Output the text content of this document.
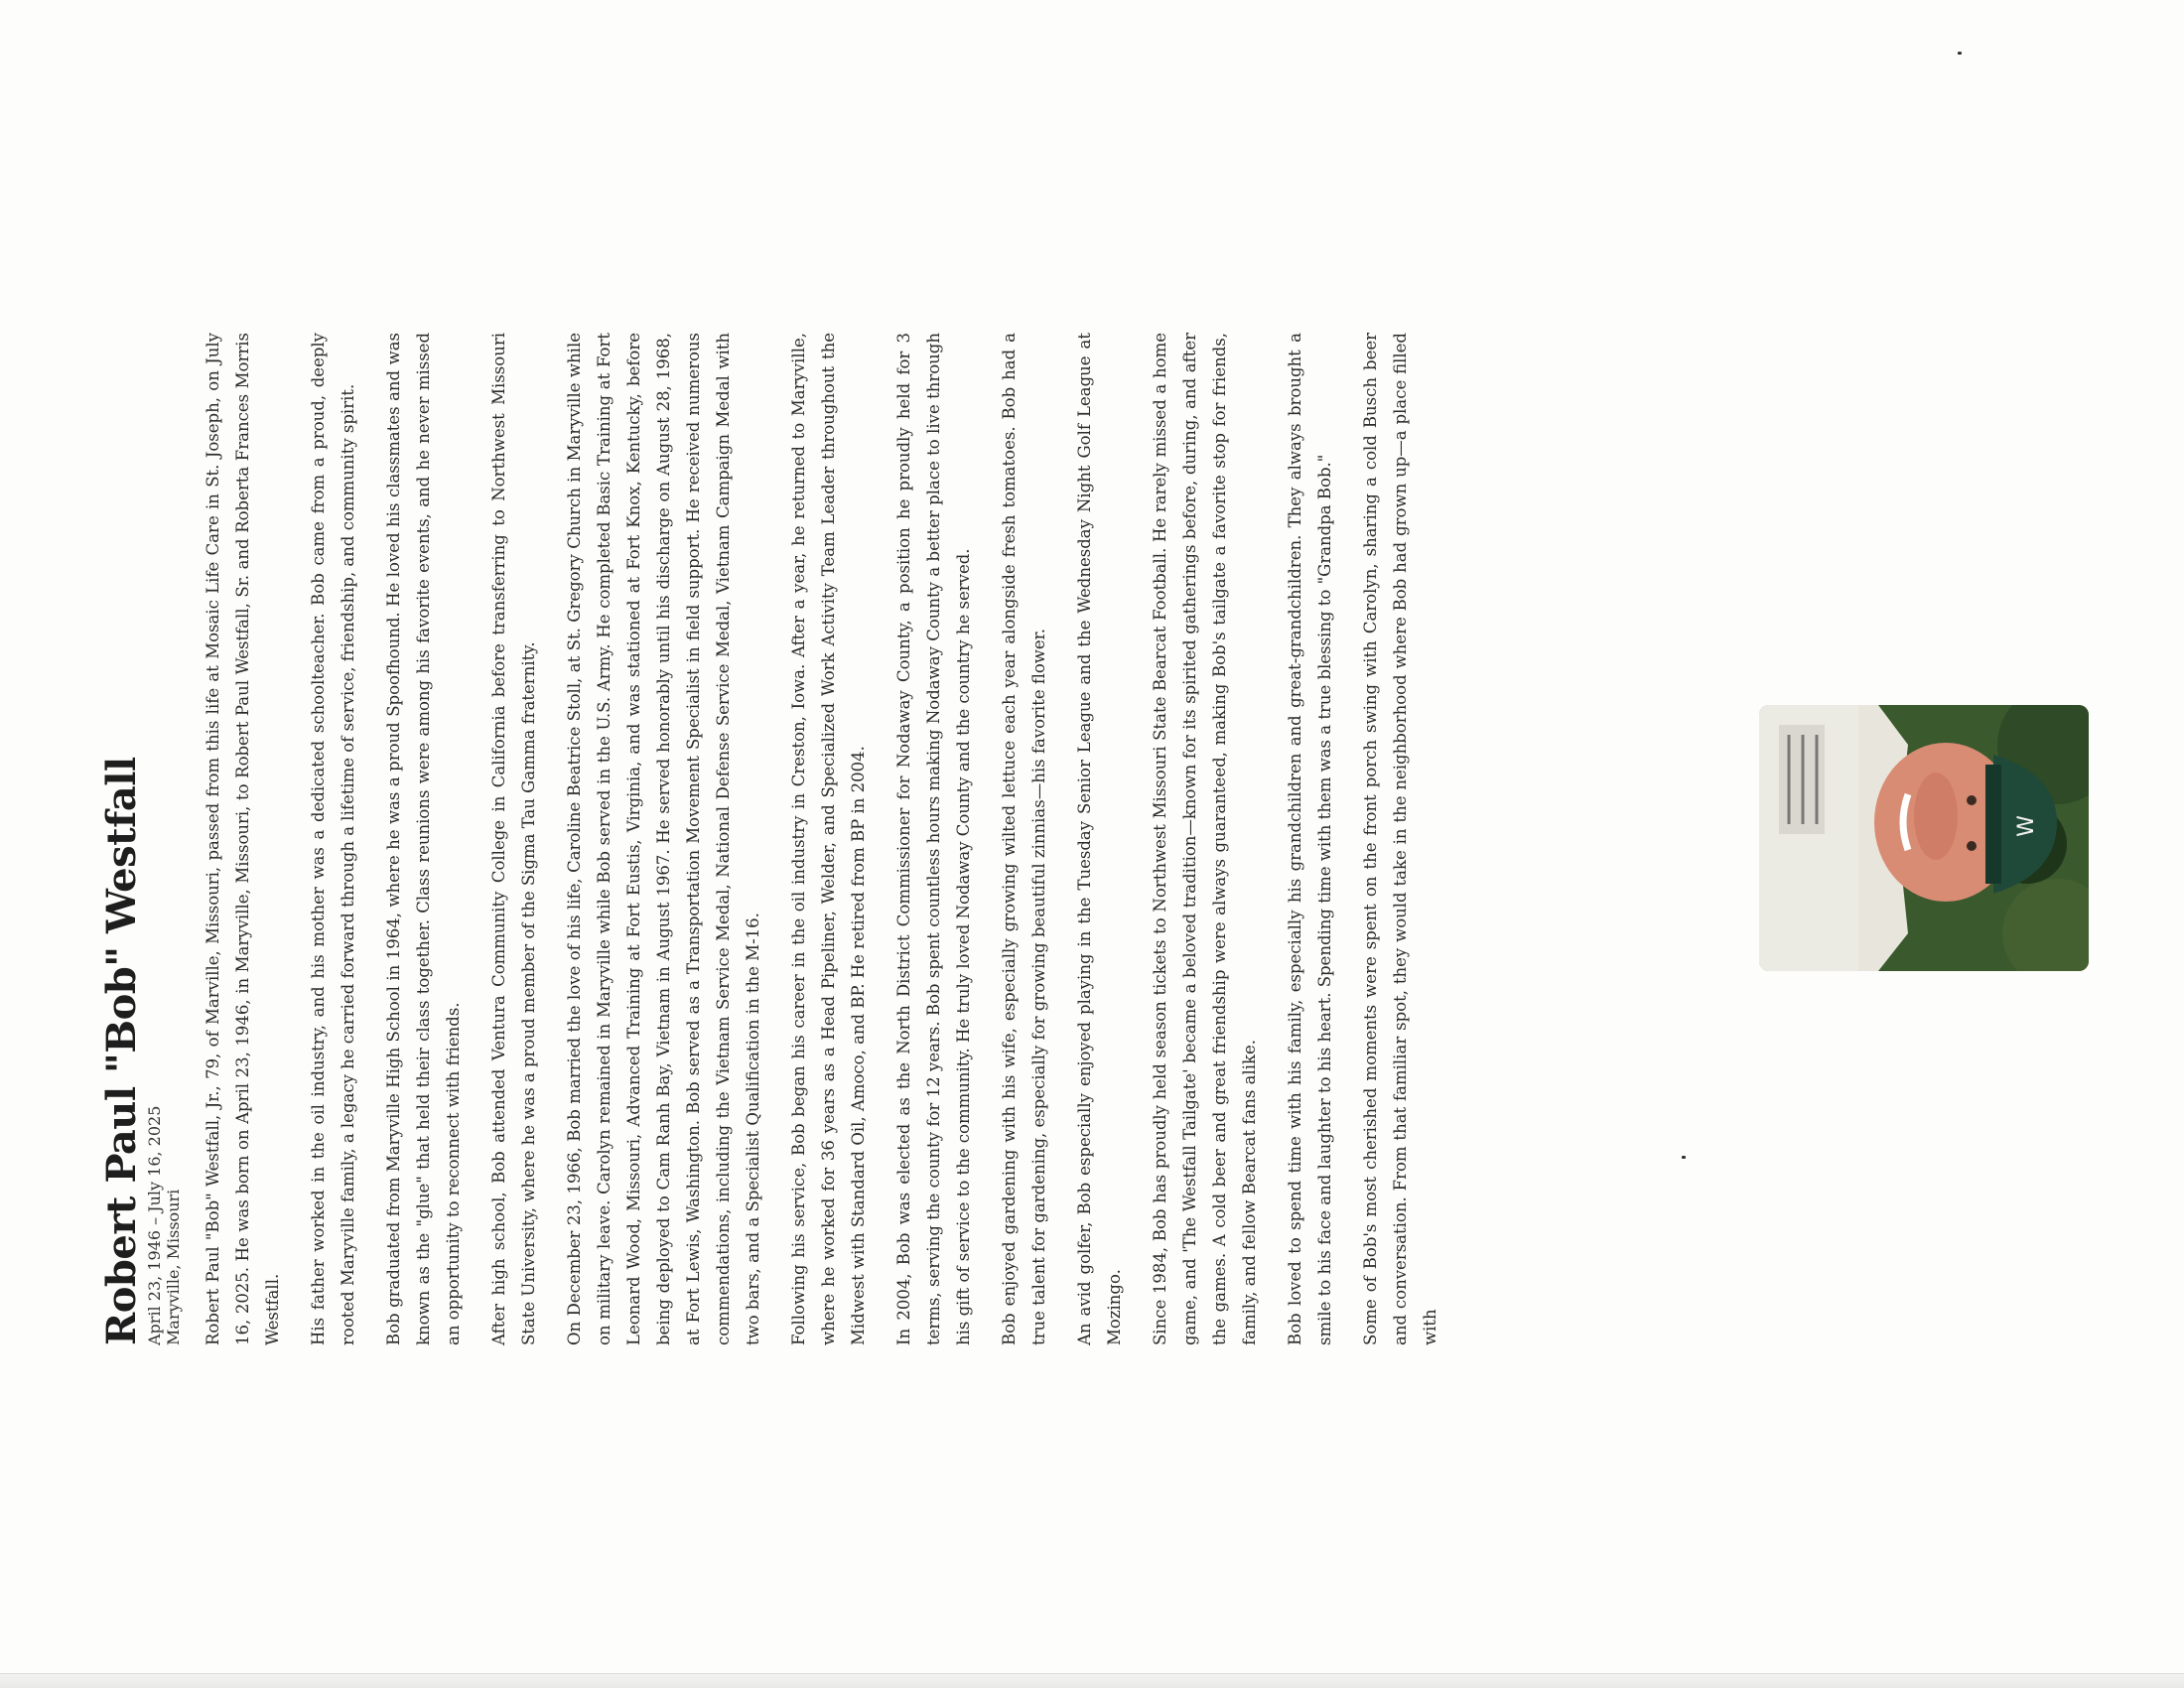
Robert Paul "Bob" Westfall April 23, 1946 – July 16, 2025 Maryville, Missouri	Robert Paul "Bob" Westfall, Jr., 79, of Marville, Missouri, passed from this life at Mosaic Life Care in St. Joseph, on July 16, 2025. He was born on April 23, 1946, in Maryville, Missouri, to Robert Paul Westfall, Sr. and Roberta Frances Morris Westfall.	His father worked in the oil industry, and his mother was a dedicated schoolteacher. Bob came from a proud, deeply rooted Maryville family, a legacy he carried forward through a lifetime of service, friendship, and community spirit.	Bob graduated from Maryville High School in 1964, where he was a proud Spoofhound. He loved his classmates and was known as the "glue" that held their class together. Class reunions were among his favorite events, and he never missed an opportunity to reconnect with friends.	After high school, Bob attended Ventura Community College in California before transferring to Northwest Missouri State University, where he was a proud member of the Sigma Tau Gamma fraternity.	On December 23, 1966, Bob married the love of his life, Caroline Beatrice Stoll, at St. Gregory Church in Maryville while on military leave. Carolyn remained in Maryville while Bob served in the U.S. Army. He completed Basic Training at Fort Leonard Wood, Missouri, Advanced Training at Fort Eustis, Virginia, and was stationed at Fort Knox, Kentucky, before being deployed to Cam Ranh Bay, Vietnam in August 1967. He served honorably until his discharge on August 28, 1968, at Fort Lewis, Washington. Bob served as a Transportation Movement Specialist in field support. He received numerous commendations, including the Vietnam Service Medal, National Defense Service Medal, Vietnam Campaign Medal with two bars, and a Specialist Qualification in the M-16.	Following his service, Bob began his career in the oil industry in Creston, Iowa. After a year, he returned to Maryville, where he worked for 36 years as a Head Pipeliner, Welder, and Specialized Work Activity Team Leader throughout the Midwest with Standard Oil, Amoco, and BP. He retired from BP in 2004.	In 2004, Bob was elected as the North District Commissioner for Nodaway County, a position he proudly held for 3 terms, serving the county for 12 years. Bob spent countless hours making Nodaway County a better place to live through his gift of service to the community. He truly loved Nodaway County and the country he served.	Bob enjoyed gardening with his wife, especially growing wilted lettuce each year alongside fresh tomatoes. Bob had a true talent for gardening, especially for growing beautiful zinnias—his favorite flower.	An avid golfer, Bob especially enjoyed playing in the Tuesday Senior League and the Wednesday Night Golf League at Mozingo.	Since 1984, Bob has proudly held season tickets to Northwest Missouri State Bearcat Football. He rarely missed a home game, and 'The Westfall Tailgate' became a beloved tradition—known for its spirited gatherings before, during, and after the games. A cold beer and great friendship were always guaranteed, making Bob's tailgate a favorite stop for friends, family, and fellow Bearcat fans alike.	Bob loved to spend time with his family, especially his grandchildren and great-grandchildren. They always brought a smile to his face and laughter to his heart. Spending time with them was a true blessing to "Grandpa Bob."	Some of Bob's most cherished moments were spent on the front porch swing with Carolyn, sharing a cold Busch beer and conversation. From that familiar spot, they would take in the neighborhood where Bob had grown up—a place filled with

W
